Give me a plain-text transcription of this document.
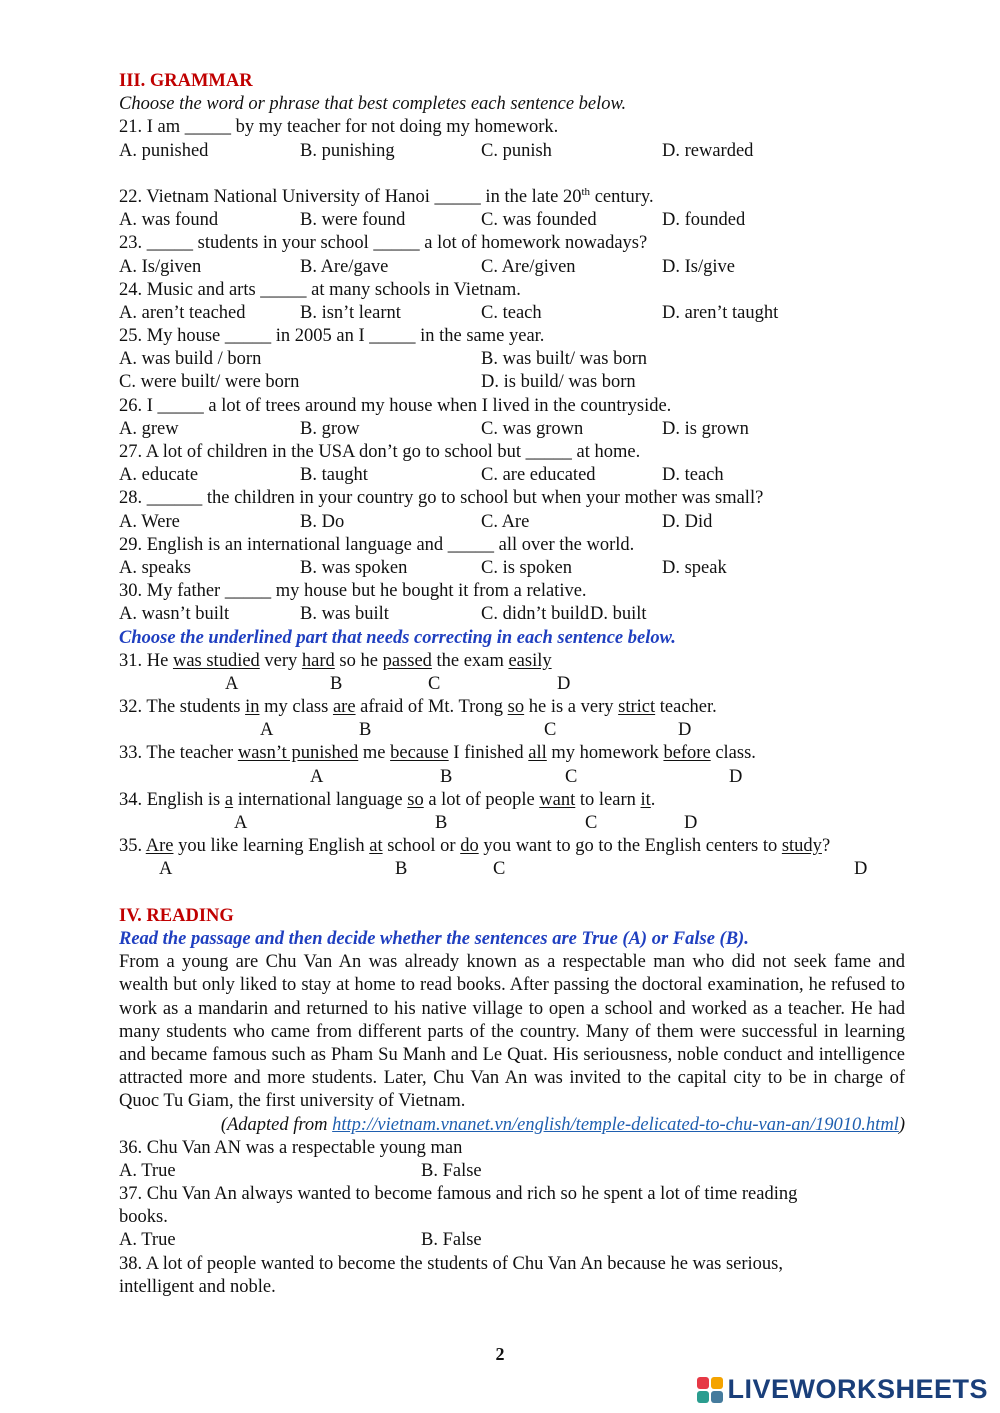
III. GRAMMAR
Choose the word or phrase that best completes each sentence below.
21. I am _____ by my teacher for not doing my homework.
A. punished	B. punishing	C. punish	D. rewarded
22. Vietnam National University of Hanoi _____ in the late 20th century.
A. was found	B. were found	C. was founded	D. founded
23. _____ students in your school _____ a lot of homework nowadays?
A. Is/given	B. Are/gave	C. Are/given	D. Is/give
24. Music and arts _____ at many schools in Vietnam.
A. aren’t teached	B. isn’t learnt	C. teach	D. aren’t taught
25. My house _____ in 2005 an I _____ in the same year.
A. was build / born	B. was built/ was born
C. were built/ were born	D. is build/ was born
26. I _____ a lot of trees around my house when I lived in the countryside.
A. grew	B. grow	C. was grown	D. is grown
27. A lot of children in the USA don’t go to school but _____ at home.
A. educate	B. taught	C. are educated	D. teach
28. ______ the children in your country go to school but when your mother was small?
A. Were	B. Do	C. Are	D. Did
29. English is an international language and _____ all over the world.
A. speaks	B. was spoken	C. is spoken	D. speak
30. My father _____ my house but he bought it from a relative.
A. wasn’t built	B. was built	C. didn’t build D. built
Choose the underlined part that needs correcting in each sentence below.
31. He was studied very hard so he passed the exam easily
A	B	C	D
32. The students in my class are afraid of Mt. Trong so he is a very strict teacher.
A	B	C	D
33. The teacher wasn’t punished me because I finished all my homework before class.
A	B	C	D
34. English is a international language so a lot of people want to learn it.
A	B	C	D
35. Are you like learning English at school or do you want to go to the English centers to study?
A	B	C	D
IV. READING
Read the passage and then decide whether the sentences are True (A) or False (B).
From a young are Chu Van An was already known as a respectable man who did not seek fame and wealth but only liked to stay at home to read books. After passing the doctoral examination, he refused to work as a mandarin and returned to his native village to open a school and worked as a teacher. He had many students who came from different parts of the country. Many of them were successful in learning and became famous such as Pham Su Manh and Le Quat. His seriousness, noble conduct and intelligence attracted more and more students. Later, Chu Van An was invited to the capital city to be in charge of Quoc Tu Giam, the first university of Vietnam.
(Adapted from http://vietnam.vnanet.vn/english/temple-delicated-to-chu-van-an/19010.html)
36. Chu Van AN was a respectable young man
A. True	B. False
37. Chu Van An always wanted to become famous and rich so he spent a lot of time reading
books.
A. True	B. False
38. A lot of people wanted to become the students of Chu Van An because he was serious,
intelligent and noble.
2
LIVEWORKSHEETS
